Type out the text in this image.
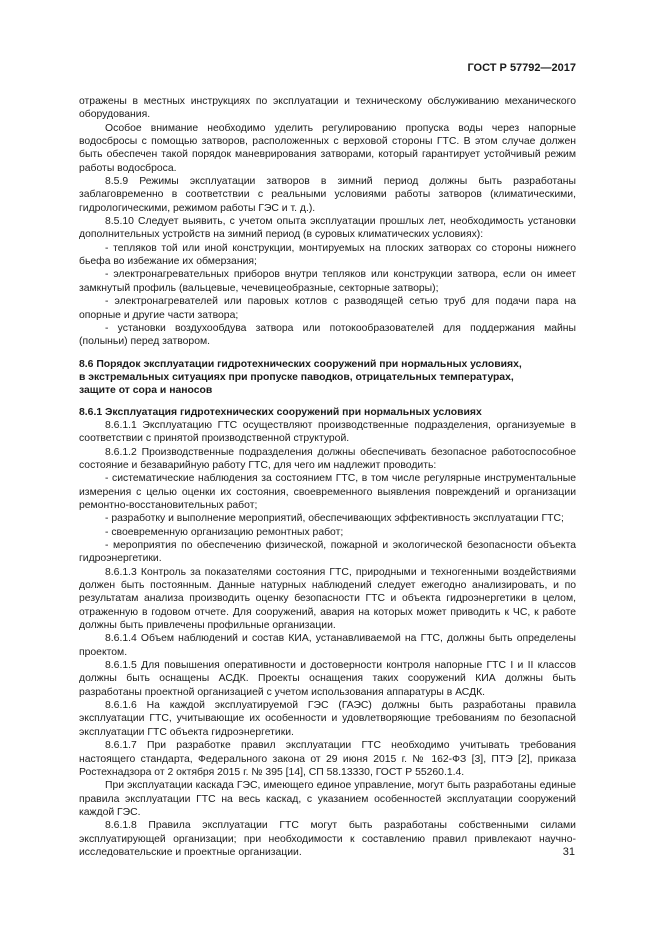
ГОСТ Р 57792—2017

отражены в местных инструкциях по эксплуатации и техническому обслуживанию механического оборудования.

Особое внимание необходимо уделить регулированию пропуска воды через напорные водосбросы с помощью затворов, расположенных с верховой стороны ГТС. В этом случае должен быть обеспечен такой порядок маневрирования затворами, который гарантирует устойчивый режим работы водосброса.

8.5.9 Режимы эксплуатации затворов в зимний период должны быть разработаны заблаговременно в соответствии с реальными условиями работы затворов (климатическими, гидрологическими, режимом работы ГЭС и т. д.).

8.5.10 Следует выявить, с учетом опыта эксплуатации прошлых лет, необходимость установки дополнительных устройств на зимний период (в суровых климатических условиях):

- тепляков той или иной конструкции, монтируемых на плоских затворах со стороны нижнего бьефа во избежание их обмерзания;

- электронагревательных приборов внутри тепляков или конструкции затвора, если он имеет замкнутый профиль (вальцевые, чечевицеобразные, секторные затворы);

- электронагревателей или паровых котлов с разводящей сетью труб для подачи пара на опорные и другие части затвора;

- установки воздухообдува затвора или потокообразователей для поддержания майны (полыньи) перед затвором.

8.6 Порядок эксплуатации гидротехнических сооружений при нормальных условиях,
в экстремальных ситуациях при пропуске паводков, отрицательных температурах,
защите от сора и наносов

8.6.1 Эксплуатация гидротехнических сооружений при нормальных условиях

8.6.1.1 Эксплуатацию ГТС осуществляют производственные подразделения, организуемые в соответствии с принятой производственной структурой.

8.6.1.2 Производственные подразделения должны обеспечивать безопасное работоспособное состояние и безаварийную работу ГТС, для чего им надлежит проводить:

- систематические наблюдения за состоянием ГТС, в том числе регулярные инструментальные измерения с целью оценки их состояния, своевременного выявления повреждений и организации ремонтно-восстановительных работ;

- разработку и выполнение мероприятий, обеспечивающих эффективность эксплуатации ГТС;

- своевременную организацию ремонтных работ;

- мероприятия по обеспечению физической, пожарной и экологической безопасности объекта гидроэнергетики.

8.6.1.3 Контроль за показателями состояния ГТС, природными и техногенными воздействиями должен быть постоянным. Данные натурных наблюдений следует ежегодно анализировать, и по результатам анализа производить оценку безопасности ГТС и объекта гидроэнергетики в целом, отраженную в годовом отчете. Для сооружений, авария на которых может приводить к ЧС, к работе должны быть привлечены профильные организации.

8.6.1.4 Объем наблюдений и состав КИА, устанавливаемой на ГТС, должны быть определены проектом.

8.6.1.5 Для повышения оперативности и достоверности контроля напорные ГТС I и II классов должны быть оснащены АСДК. Проекты оснащения таких сооружений КИА должны быть разработаны проектной организацией с учетом использования аппаратуры в АСДК.

8.6.1.6 На каждой эксплуатируемой ГЭС (ГАЭС) должны быть разработаны правила эксплуатации ГТС, учитывающие их особенности и удовлетворяющие требованиям по безопасной эксплуатации ГТС объекта гидроэнергетики.

8.6.1.7 При разработке правил эксплуатации ГТС необходимо учитывать требования настоящего стандарта, Федерального закона от 29 июня 2015 г. № 162-ФЗ [3], ПТЭ [2], приказа Ростехнадзора от 2 октября 2015 г. № 395 [14], СП 58.13330, ГОСТ Р 55260.1.4.

При эксплуатации каскада ГЭС, имеющего единое управление, могут быть разработаны единые правила эксплуатации ГТС на весь каскад, с указанием особенностей эксплуатации сооружений каждой ГЭС.

8.6.1.8 Правила эксплуатации ГТС могут быть разработаны собственными силами эксплуатирующей организации; при необходимости к составлению правил привлекают научно-исследовательские и проектные организации.	31
